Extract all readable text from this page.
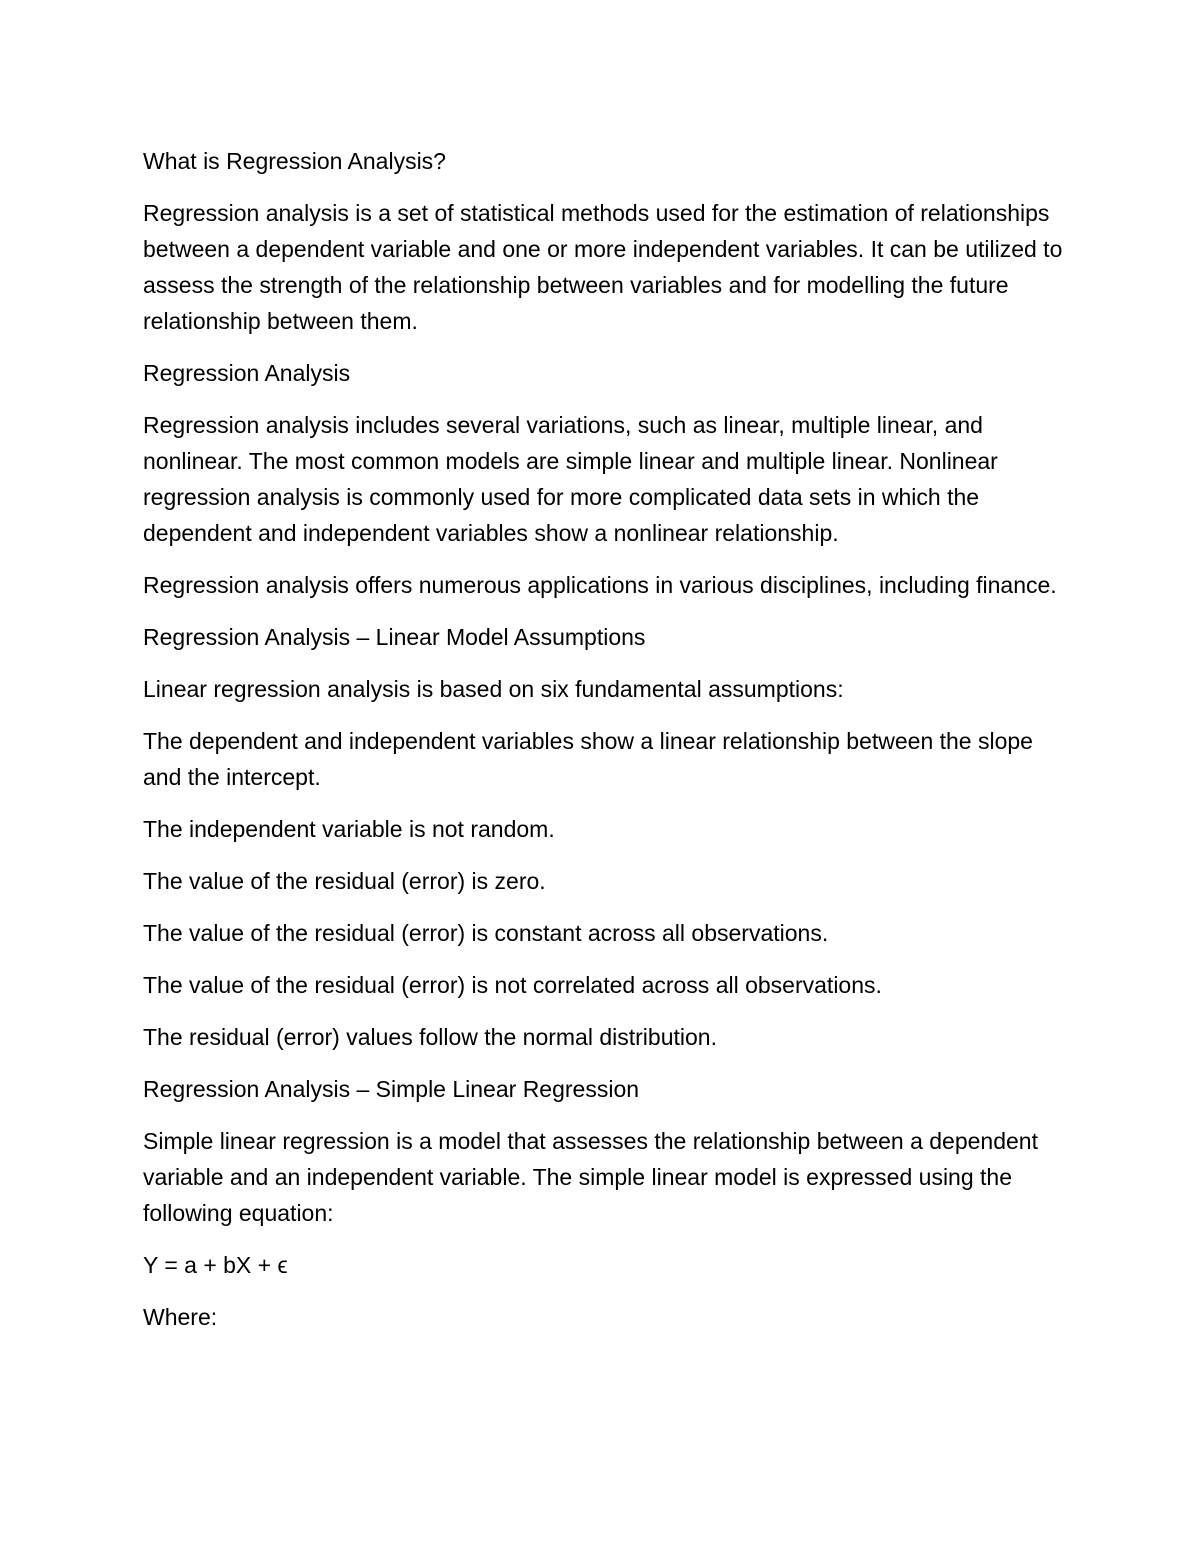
What is Regression Analysis?

Regression analysis is a set of statistical methods used for the estimation of relationships between a dependent variable and one or more independent variables. It can be utilized to assess the strength of the relationship between variables and for modelling the future relationship between them.

Regression Analysis

Regression analysis includes several variations, such as linear, multiple linear, and nonlinear. The most common models are simple linear and multiple linear. Nonlinear regression analysis is commonly used for more complicated data sets in which the dependent and independent variables show a nonlinear relationship.

Regression analysis offers numerous applications in various disciplines, including finance.

Regression Analysis – Linear Model Assumptions

Linear regression analysis is based on six fundamental assumptions:

The dependent and independent variables show a linear relationship between the slope and the intercept.

The independent variable is not random.

The value of the residual (error) is zero.

The value of the residual (error) is constant across all observations.

The value of the residual (error) is not correlated across all observations.

The residual (error) values follow the normal distribution.

Regression Analysis – Simple Linear Regression

Simple linear regression is a model that assesses the relationship between a dependent variable and an independent variable. The simple linear model is expressed using the following equation:

Y = a + bX + ϵ

Where:
